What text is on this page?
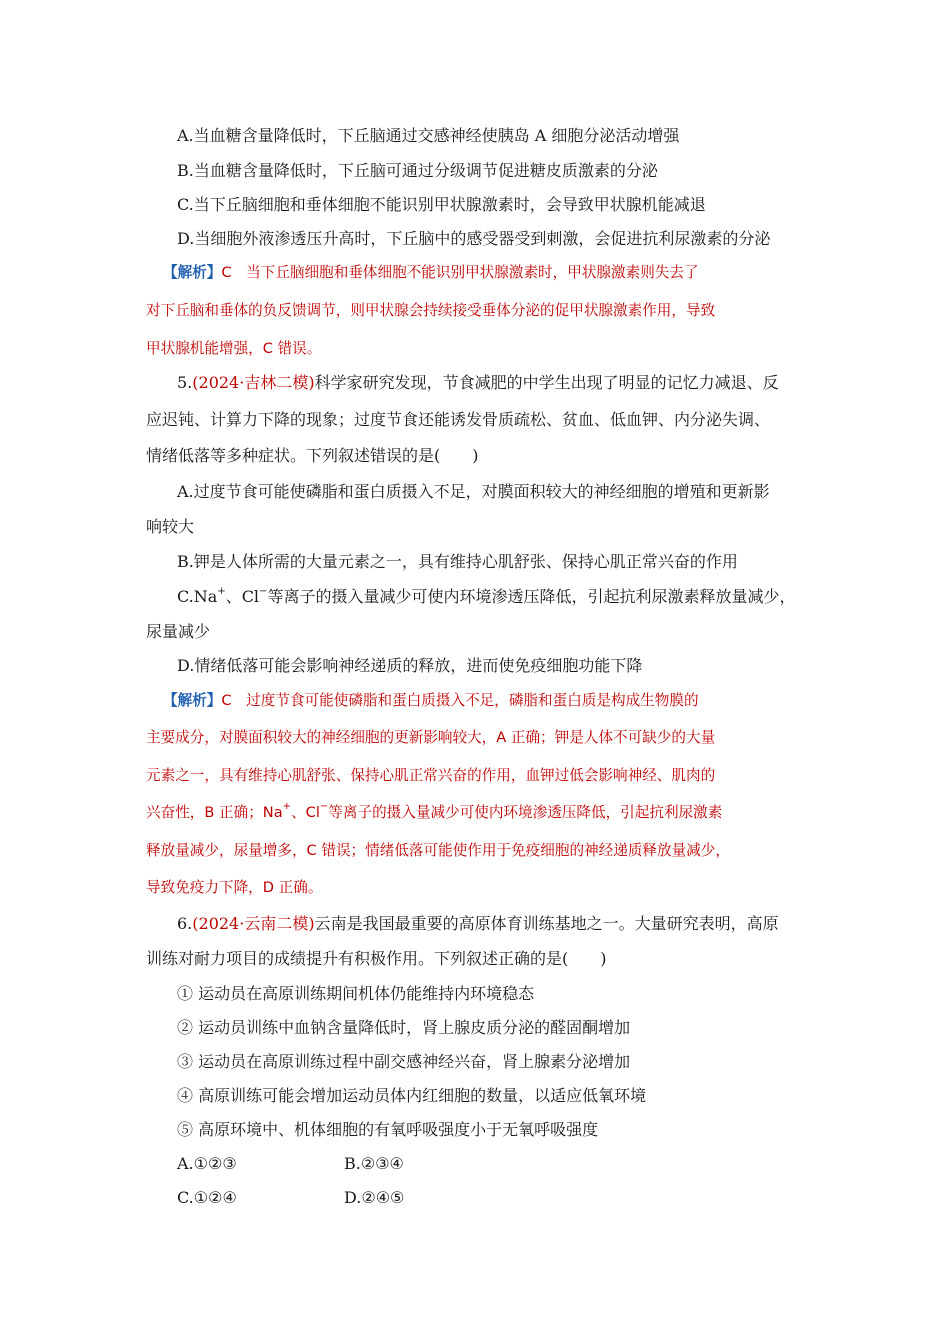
A.当血糖含量降低时，下丘脑通过交感神经使胰岛 A 细胞分泌活动增强
B.当血糖含量降低时，下丘脑可通过分级调节促进糖皮质激素的分泌
C.当下丘脑细胞和垂体细胞不能识别甲状腺激素时，会导致甲状腺机能减退
D.当细胞外液渗透压升高时，下丘脑中的感受器受到刺激，会促进抗利尿激素的分泌
【解析】C　当下丘脑细胞和垂体细胞不能识别甲状腺激素时，甲状腺激素则失去了
对下丘脑和垂体的负反馈调节，则甲状腺会持续接受垂体分泌的促甲状腺激素作用，导致
甲状腺机能增强，C 错误。
5.(2024·吉林二模)科学家研究发现，节食减肥的中学生出现了明显的记忆力减退、反
应迟钝、计算力下降的现象；过度节食还能诱发骨质疏松、贫血、低血钾、内分泌失调、
情绪低落等多种症状。下列叙述错误的是(　　)
A.过度节食可能使磷脂和蛋白质摄入不足，对膜面积较大的神经细胞的增殖和更新影
响较大
B.钾是人体所需的大量元素之一，具有维持心肌舒张、保持心肌正常兴奋的作用
C.Na+、Cl−等离子的摄入量减少可使内环境渗透压降低，引起抗利尿激素释放量减少，
尿量减少
D.情绪低落可能会影响神经递质的释放，进而使免疫细胞功能下降
【解析】C　过度节食可能使磷脂和蛋白质摄入不足，磷脂和蛋白质是构成生物膜的
主要成分，对膜面积较大的神经细胞的更新影响较大，A 正确；钾是人体不可缺少的大量
元素之一，具有维持心肌舒张、保持心肌正常兴奋的作用，血钾过低会影响神经、肌肉的
兴奋性，B 正确；Na+、Cl−等离子的摄入量减少可使内环境渗透压降低，引起抗利尿激素
释放量减少，尿量增多，C 错误；情绪低落可能使作用于免疫细胞的神经递质释放量减少，
导致免疫力下降，D 正确。
6.(2024·云南二模)云南是我国最重要的高原体育训练基地之一。大量研究表明，高原
训练对耐力项目的成绩提升有积极作用。下列叙述正确的是(　　)
① 运动员在高原训练期间机体仍能维持内环境稳态
② 运动员训练中血钠含量降低时，肾上腺皮质分泌的醛固酮增加
③ 运动员在高原训练过程中副交感神经兴奋，肾上腺素分泌增加
④ 高原训练可能会增加运动员体内红细胞的数量，以适应低氧环境
⑤ 高原环境中、机体细胞的有氧呼吸强度小于无氧呼吸强度
A.①②③	B.②③④
C.①②④	D.②④⑤
